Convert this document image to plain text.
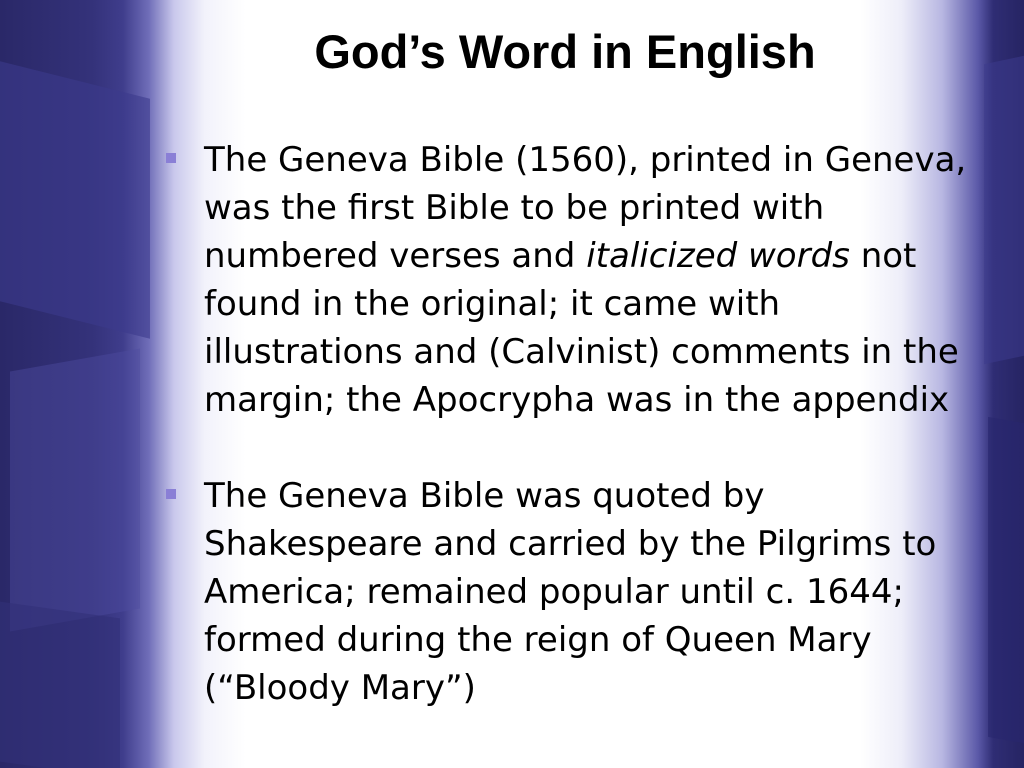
God’s Word in English
The Geneva Bible (1560), printed in Geneva, was the first Bible to be printed with numbered verses and italicized words not found in the original; it came with illustrations and (Calvinist) comments in the margin; the Apocrypha was in the appendix
The Geneva Bible was quoted by Shakespeare and carried by the Pilgrims to America; remained popular until c. 1644; formed during the reign of Queen Mary (“Bloody Mary”)
